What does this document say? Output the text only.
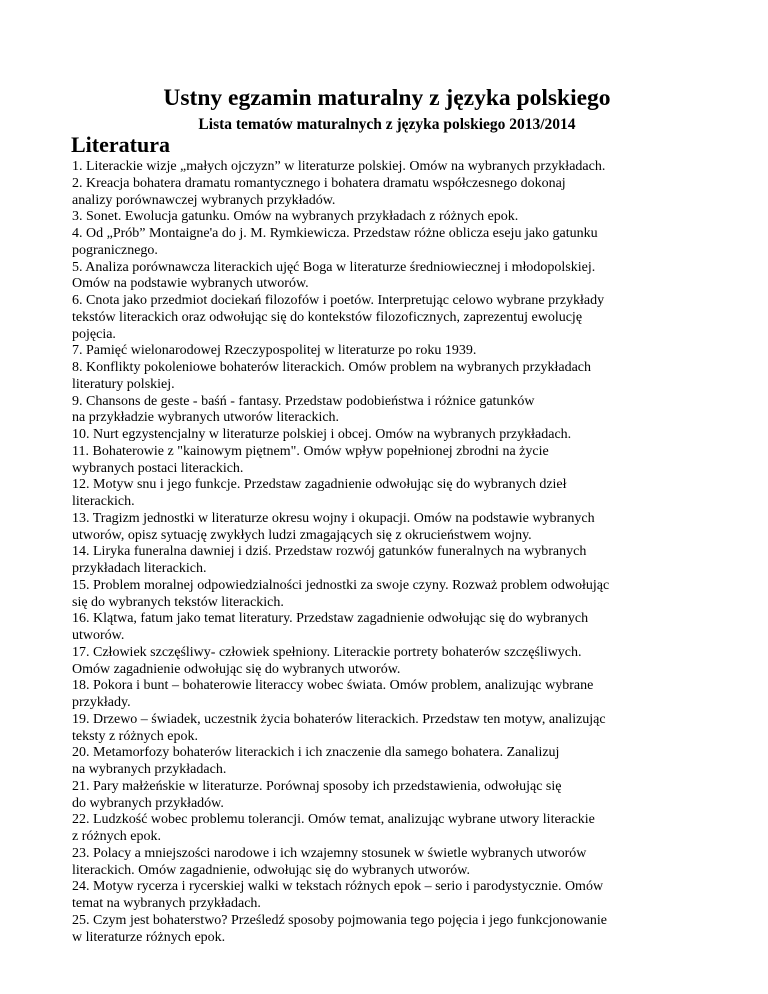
Ustny egzamin maturalny z języka polskiego
Lista tematów maturalnych z języka polskiego 2013/2014
Literatura

1. Literackie wizje „małych ojczyzn” w literaturze polskiej. Omów na wybranych przykładach.

2. Kreacja bohatera dramatu romantycznego i bohatera dramatu współczesnego dokonaj
analizy porównawczej wybranych przykładów.

3. Sonet. Ewolucja gatunku. Omów na wybranych przykładach z różnych epok.

4. Od „Prób” Montaigne'a do j. M. Rymkiewicza. Przedstaw różne oblicza eseju jako gatunku
pogranicznego.

5. Analiza porównawcza literackich ujęć Boga w literaturze średniowiecznej i młodopolskiej.
Omów na podstawie wybranych utworów.

6. Cnota jako przedmiot dociekań filozofów i poetów. Interpretując celowo wybrane przykłady
tekstów literackich oraz odwołując się do kontekstów filozoficznych, zaprezentuj ewolucję
pojęcia.

7. Pamięć wielonarodowej Rzeczypospolitej w literaturze po roku 1939.

8. Konflikty pokoleniowe bohaterów literackich. Omów problem na wybranych przykładach
literatury polskiej.

9. Chansons de geste - baśń - fantasy. Przedstaw podobieństwa i różnice gatunków
na przykładzie wybranych utworów literackich.

10. Nurt egzystencjalny w literaturze polskiej i obcej. Omów na wybranych przykładach.

11. Bohaterowie z "kainowym piętnem". Omów wpływ popełnionej zbrodni na życie
wybranych postaci literackich.

12. Motyw snu i jego funkcje. Przedstaw zagadnienie odwołując się do wybranych dzieł
literackich.

13. Tragizm jednostki w literaturze okresu wojny i okupacji. Omów na podstawie wybranych
utworów, opisz sytuację zwykłych ludzi zmagających się z okrucieństwem wojny.

14. Liryka funeralna dawniej i dziś. Przedstaw rozwój gatunków funeralnych na wybranych
przykładach literackich.

15. Problem moralnej odpowiedzialności jednostki za swoje czyny. Rozważ problem odwołując
się do wybranych tekstów literackich.

16. Klątwa, fatum jako temat literatury. Przedstaw zagadnienie odwołując się do wybranych
utworów.

17. Człowiek szczęśliwy- człowiek spełniony. Literackie portrety bohaterów szczęśliwych.
Omów zagadnienie odwołując się do wybranych utworów.

18. Pokora i bunt – bohaterowie literaccy wobec świata. Omów problem, analizując wybrane
przykłady.

19. Drzewo – świadek, uczestnik życia bohaterów literackich. Przedstaw ten motyw, analizując
teksty z różnych epok.

20. Metamorfozy bohaterów literackich i ich znaczenie dla samego bohatera. Zanalizuj
na wybranych przykładach.

21. Pary małżeńskie w literaturze. Porównaj sposoby ich przedstawienia, odwołując się
do wybranych przykładów.

22. Ludzkość wobec problemu tolerancji. Omów temat, analizując wybrane utwory literackie
z różnych epok.

23. Polacy a mniejszości narodowe i ich wzajemny stosunek w świetle wybranych utworów
literackich. Omów zagadnienie, odwołując się do wybranych utworów.

24. Motyw rycerza i rycerskiej walki w tekstach różnych epok – serio i parodystycznie. Omów
temat na wybranych przykładach.

25. Czym jest bohaterstwo? Prześledź sposoby pojmowania tego pojęcia i jego funkcjonowanie
w literaturze różnych epok.
